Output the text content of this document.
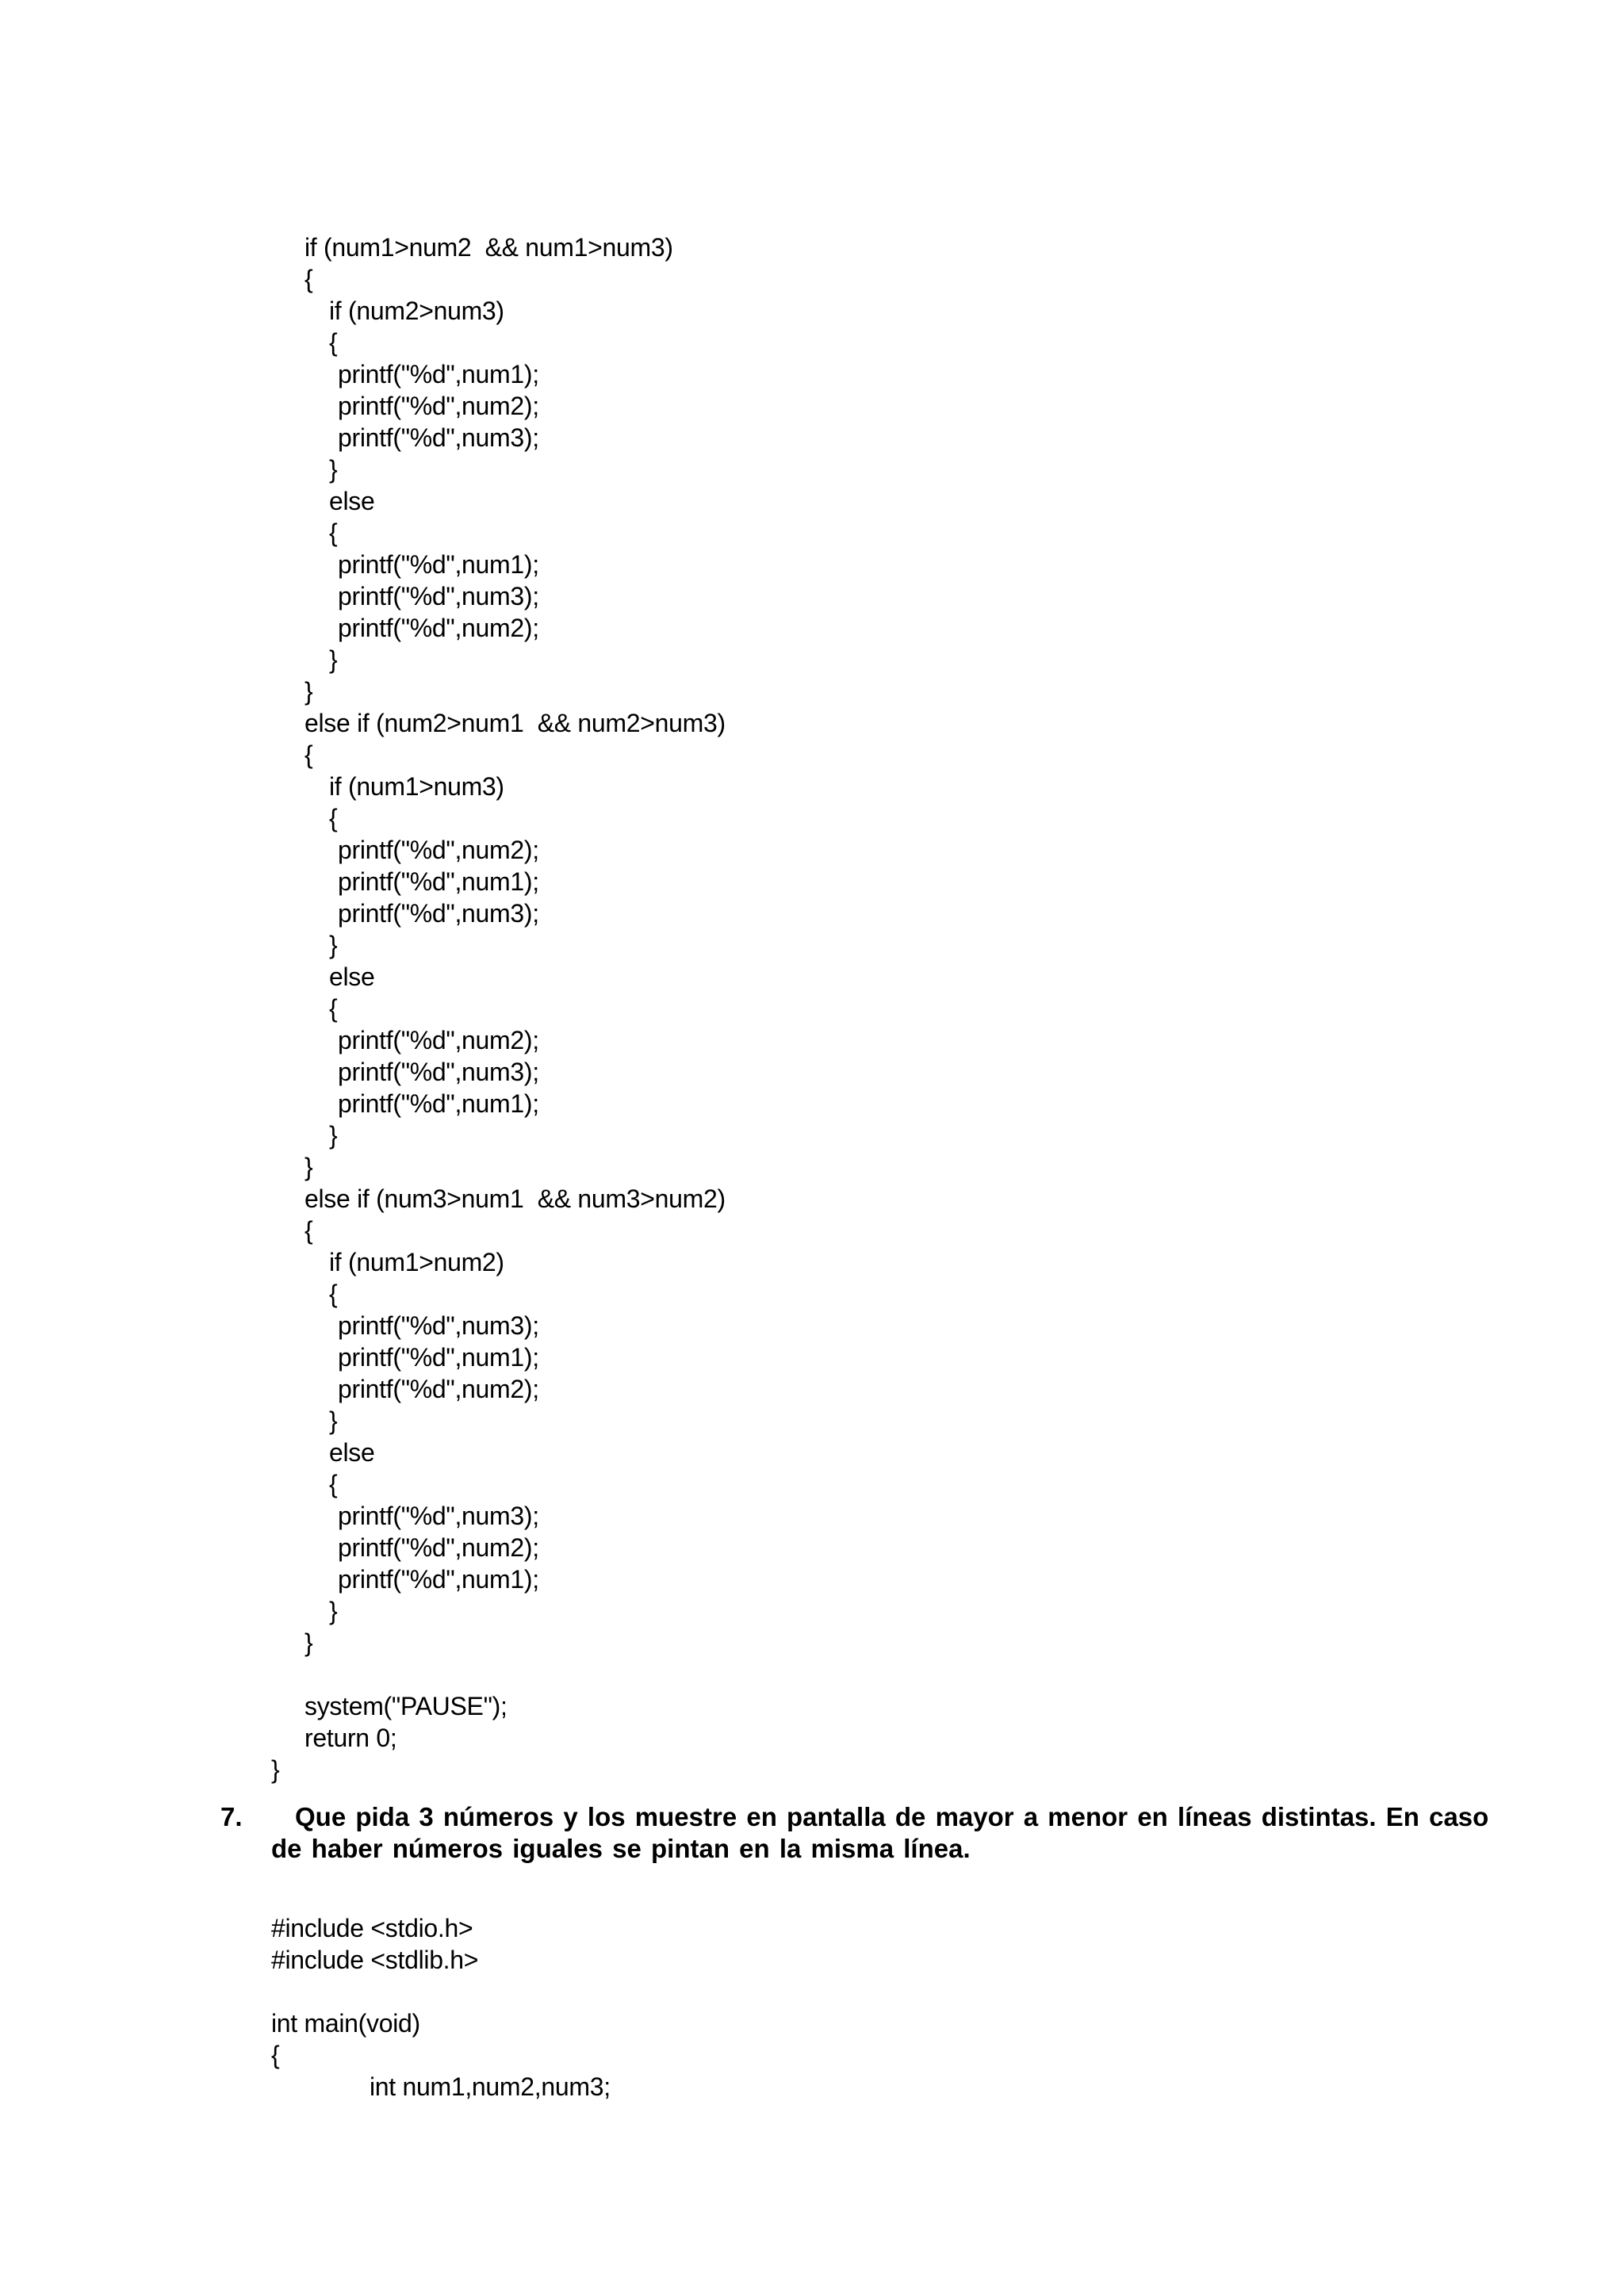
if (num1>num2  && num1>num3)
{
if (num2>num3)
{
printf("%d",num1);
printf("%d",num2);
printf("%d",num3);
}
else
{
printf("%d",num1);
printf("%d",num3);
printf("%d",num2);
}
}
else if (num2>num1  && num2>num3)
{
if (num1>num3)
{
printf("%d",num2);
printf("%d",num1);
printf("%d",num3);
}
else
{
printf("%d",num2);
printf("%d",num3);
printf("%d",num1);
}
}
else if (num3>num1  && num3>num2)
{
if (num1>num2)
{
printf("%d",num3);
printf("%d",num1);
printf("%d",num2);
}
else
{
printf("%d",num3);
printf("%d",num2);
printf("%d",num1);
}
}
system("PAUSE");
return 0;
}
7.	Que pida 3 números y los muestre en pantalla de mayor a menor en líneas distintas. En caso de haber números iguales se pintan en la misma línea.
#include <stdio.h>
#include <stdlib.h>
int main(void)
{
int num1,num2,num3;
